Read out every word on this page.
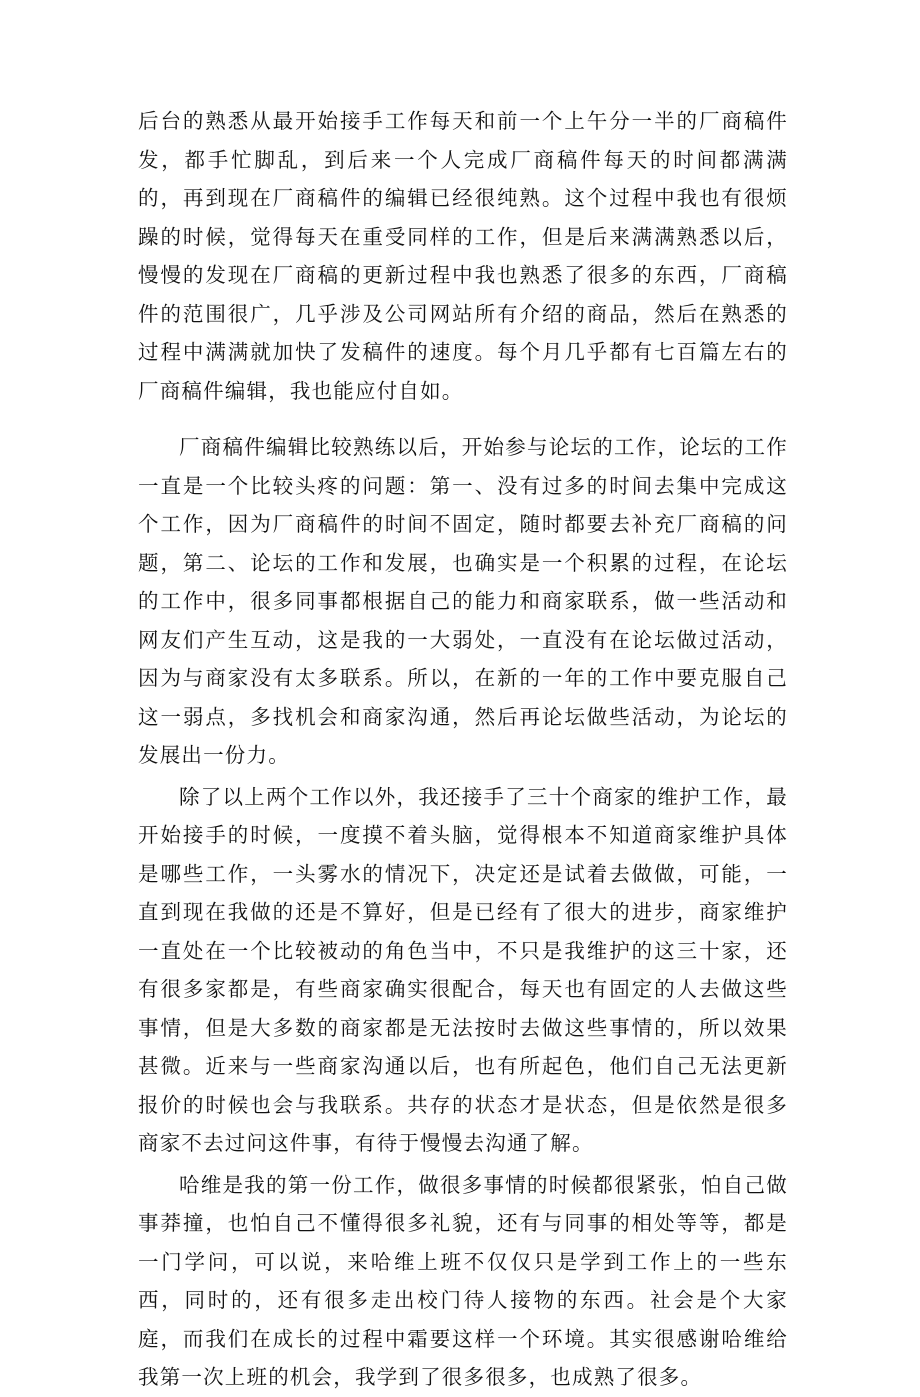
后台的熟悉从最开始接手工作每天和前一个上午分一半的厂商稿件发，都手忙脚乱，到后来一个人完成厂商稿件每天的时间都满满的，再到现在厂商稿件的编辑已经很纯熟。这个过程中我也有很烦躁的时候，觉得每天在重受同样的工作，但是后来满满熟悉以后，慢慢的发现在厂商稿的更新过程中我也熟悉了很多的东西，厂商稿件的范围很广，几乎涉及公司网站所有介绍的商品，然后在熟悉的过程中满满就加快了发稿件的速度。每个月几乎都有七百篇左右的厂商稿件编辑，我也能应付自如。

厂商稿件编辑比较熟练以后，开始参与论坛的工作，论坛的工作一直是一个比较头疼的问题：第一、没有过多的时间去集中完成这个工作，因为厂商稿件的时间不固定，随时都要去补充厂商稿的问题，第二、论坛的工作和发展，也确实是一个积累的过程，在论坛的工作中，很多同事都根据自己的能力和商家联系，做一些活动和网友们产生互动，这是我的一大弱处，一直没有在论坛做过活动，因为与商家没有太多联系。所以，在新的一年的工作中要克服自己这一弱点，多找机会和商家沟通，然后再论坛做些活动，为论坛的发展出一份力。

除了以上两个工作以外，我还接手了三十个商家的维护工作，最开始接手的时候，一度摸不着头脑，觉得根本不知道商家维护具体是哪些工作，一头雾水的情况下，决定还是试着去做做，可能，一直到现在我做的还是不算好，但是已经有了很大的进步，商家维护一直处在一个比较被动的角色当中，不只是我维护的这三十家，还有很多家都是，有些商家确实很配合，每天也有固定的人去做这些事情，但是大多数的商家都是无法按时去做这些事情的，所以效果甚微。近来与一些商家沟通以后，也有所起色，他们自己无法更新报价的时候也会与我联系。共存的状态才是状态，但是依然是很多商家不去过问这件事，有待于慢慢去沟通了解。

哈维是我的第一份工作，做很多事情的时候都很紧张，怕自己做事莽撞，也怕自己不懂得很多礼貌，还有与同事的相处等等，都是一门学问，可以说，来哈维上班不仅仅只是学到工作上的一些东西，同时的，还有很多走出校门待人接物的东西。社会是个大家庭，而我们在成长的过程中霜要这样一个环境。其实很感谢哈维给我第一次上班的机会，我学到了很多很多，也成熟了很多。
